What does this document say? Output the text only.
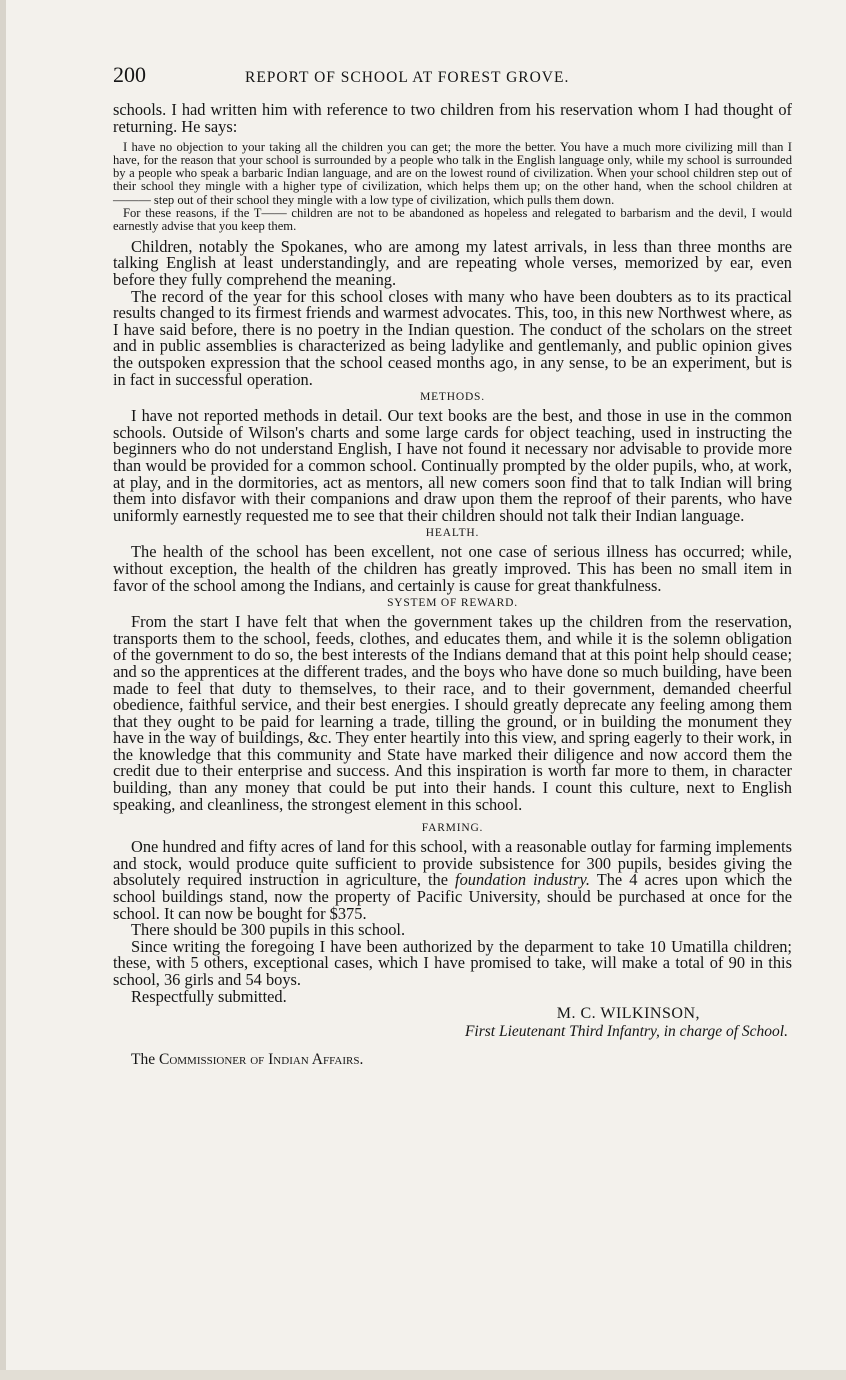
200	REPORT OF SCHOOL AT FOREST GROVE.

schools. I had written him with reference to two children from his reservation whom I had thought of returning. He says:

I have no objection to your taking all the children you can get; the more the better. You have a much more civilizing mill than I have, for the reason that your school is surrounded by a people who talk in the English language only, while my school is surrounded by a people who speak a barbaric Indian language, and are on the lowest round of civilization. When your school children step out of their school they mingle with a higher type of civilization, which helps them up; on the other hand, when the school children at ——— step out of their school they mingle with a low type of civilization, which pulls them down.

For these reasons, if the T—— children are not to be abandoned as hopeless and relegated to barbarism and the devil, I would earnestly advise that you keep them.

Children, notably the Spokanes, who are among my latest arrivals, in less than three months are talking English at least understandingly, and are repeating whole verses, memorized by ear, even before they fully comprehend the meaning.

The record of the year for this school closes with many who have been doubters as to its practical results changed to its firmest friends and warmest advocates. This, too, in this new Northwest where, as I have said before, there is no poetry in the Indian question. The conduct of the scholars on the street and in public assemblies is characterized as being ladylike and gentlemanly, and public opinion gives the outspoken expression that the school ceased months ago, in any sense, to be an experiment, but is in fact in successful operation.

METHODS.

I have not reported methods in detail. Our text books are the best, and those in use in the common schools. Outside of Wilson's charts and some large cards for object teaching, used in instructing the beginners who do not understand English, I have not found it necessary nor advisable to provide more than would be provided for a common school. Continually prompted by the older pupils, who, at work, at play, and in the dormitories, act as mentors, all new comers soon find that to talk Indian will bring them into disfavor with their companions and draw upon them the reproof of their parents, who have uniformly earnestly requested me to see that their children should not talk their Indian language.

HEALTH.

The health of the school has been excellent, not one case of serious illness has occurred; while, without exception, the health of the children has greatly improved. This has been no small item in favor of the school among the Indians, and certainly is cause for great thankfulness.

SYSTEM OF REWARD.

From the start I have felt that when the government takes up the children from the reservation, transports them to the school, feeds, clothes, and educates them, and while it is the solemn obligation of the government to do so, the best interests of the Indians demand that at this point help should cease; and so the apprentices at the different trades, and the boys who have done so much building, have been made to feel that duty to themselves, to their race, and to their government, demanded cheerful obedience, faithful service, and their best energies. I should greatly deprecate any feeling among them that they ought to be paid for learning a trade, tilling the ground, or in building the monument they have in the way of buildings, &c. They enter heartily into this view, and spring eagerly to their work, in the knowledge that this community and State have marked their diligence and now accord them the credit due to their enterprise and success. And this inspiration is worth far more to them, in character building, than any money that could be put into their hands. I count this culture, next to English speaking, and cleanliness, the strongest element in this school.

FARMING.

One hundred and fifty acres of land for this school, with a reasonable outlay for farming implements and stock, would produce quite sufficient to provide subsistence for 300 pupils, besides giving the absolutely required instruction in agriculture, the foundation industry. The 4 acres upon which the school buildings stand, now the property of Pacific University, should be purchased at once for the school. It can now be bought for $375.

There should be 300 pupils in this school.

Since writing the foregoing I have been authorized by the deparment to take 10 Umatilla children; these, with 5 others, exceptional cases, which I have promised to take, will make a total of 90 in this school, 36 girls and 54 boys.

Respectfully submitted.

M. C. WILKINSON,
First Lieutenant Third Infantry, in charge of School.
The Commissioner of Indian Affairs.
